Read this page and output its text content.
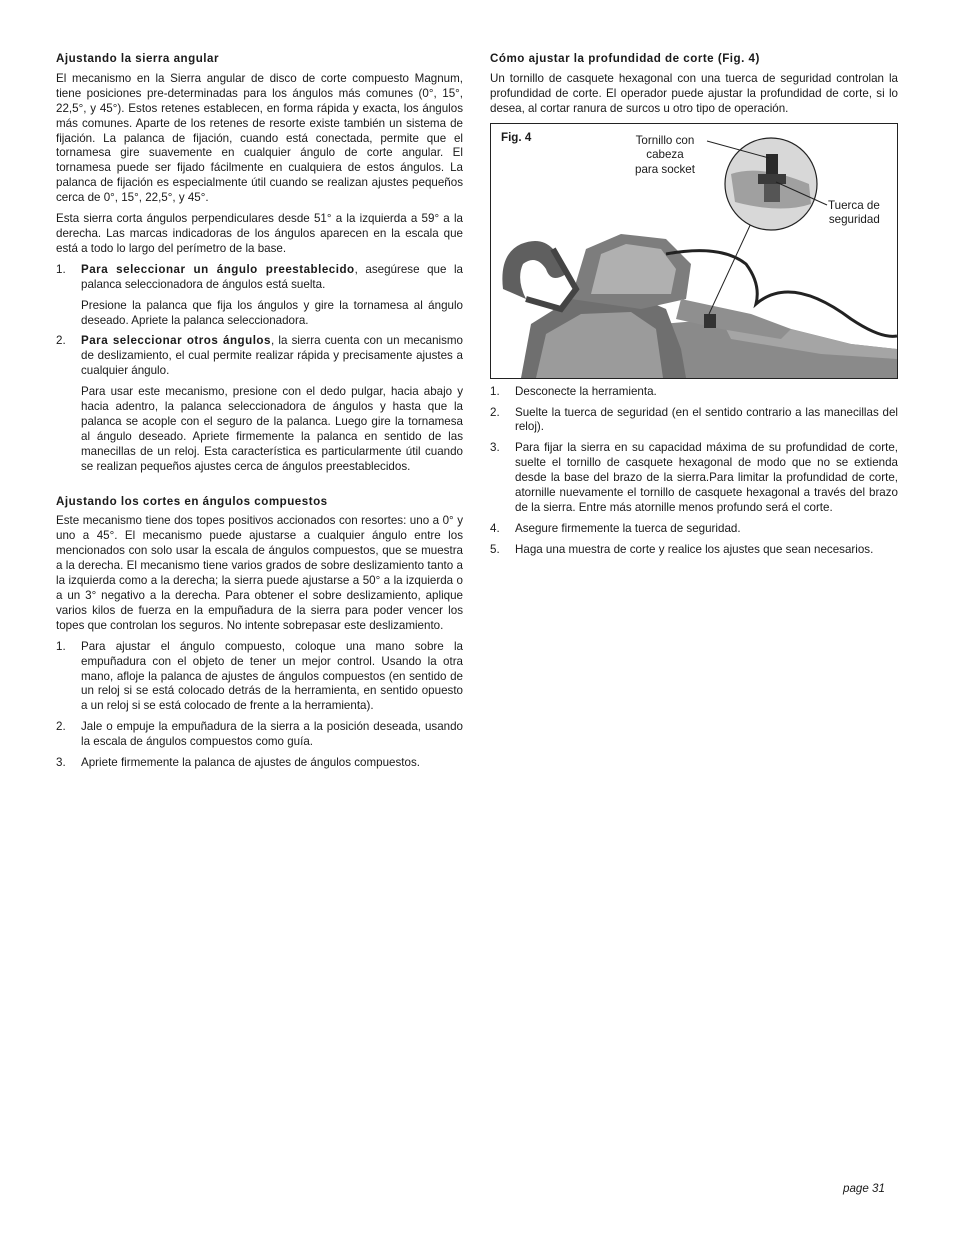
Ajustando la sierra angular

El mecanismo en la Sierra angular de disco de corte compuesto Magnum, tiene posiciones pre-determinadas para los ángulos más comunes (0°, 15°, 22,5°, y 45°). Estos retenes establecen, en forma rápida y exacta, los ángulos más comunes. Aparte de los retenes de resorte existe también un sistema de fijación. La palanca de fijación, cuando está conectada, permite que el tornamesa gire suavemente en cualquier ángulo de corte angular. El tornamesa puede ser fijado fácilmente en cualquiera de estos ángulos. La palanca de fijación es especialmente útil cuando se realizan ajustes pequeños cerca de 0°, 15°, 22,5°, y 45°.

Esta sierra corta ángulos perpendiculares desde 51° a la izquierda a 59° a la derecha. Las marcas indicadoras de los ángulos aparecen en la escala que está a todo lo largo del perímetro de la base.

1. Para seleccionar un ángulo preestablecido, asegúrese que la palanca seleccionadora de ángulos está suelta.

Presione la palanca que fija los ángulos y gire la tornamesa al ángulo deseado. Apriete la palanca seleccionadora.

2. Para seleccionar otros ángulos, la sierra cuenta con un mecanismo de deslizamiento, el cual permite realizar rápida y precisamente ajustes a cualquier ángulo.

Para usar este mecanismo, presione con el dedo pulgar, hacia abajo y hacia adentro, la palanca seleccionadora de ángulos y hasta que la palanca se acople con el seguro de la palanca. Luego gire la tornamesa al ángulo deseado. Apriete firmemente la palanca en sentido de las manecillas de un reloj. Esta característica es particularmente útil cuando se realizan pequeños ajustes cerca de ángulos preestablecidos.

Ajustando los cortes en ángulos compuestos

Este mecanismo tiene dos topes positivos accionados con resortes: uno a 0° y uno a 45°. El mecanismo puede ajustarse a cualquier ángulo entre los mencionados con solo usar la escala de ángulos compuestos, que se muestra a la derecha. El mecanismo tiene varios grados de sobre deslizamiento tanto a la izquierda como a la derecha; la sierra puede ajustarse a 50° a la izquierda o a un 3° negativo a la derecha. Para obtener el sobre deslizamiento, aplique varios kilos de fuerza en la empuñadura de la sierra para poder vencer los topes que controlan los seguros. No intente sobrepasar este deslizamiento.

1. Para ajustar el ángulo compuesto, coloque una mano sobre la empuñadura con el objeto de tener un mejor control. Usando la otra mano, afloje la palanca de ajustes de ángulos compuestos (en sentido de un reloj si se está colocado detrás de la herramienta, en sentido opuesto a un reloj si se está colocado de frente a la herramienta).
2. Jale o empuje la empuñadura de la sierra a la posición deseada, usando la escala de ángulos compuestos como guía.
3. Apriete firmemente la palanca de ajustes de ángulos compuestos.
Cómo ajustar la profundidad de corte (Fig. 4)

Un tornillo de casquete hexagonal con una tuerca de seguridad controlan la profundidad de corte. El operador puede ajustar la profundidad de corte, si lo desea, al cortar ranura de surcos u otro tipo de operación.

Fig. 4	Tornillo con
cabeza
para socket
Tuerca de
seguridad
1. Desconecte la herramienta.
2. Suelte la tuerca de seguridad (en el sentido contrario a las manecillas del reloj).
3. Para fijar la sierra en su capacidad máxima de su profundidad de corte, suelte el tornillo de casquete hexagonal de modo que no se extienda desde la base del brazo de la sierra.Para limitar la profundidad de corte, atornille nuevamente el tornillo de casquete hexagonal a través del brazo de la sierra. Entre más atornille menos profundo será el corte.
4. Asegure firmemente la tuerca de seguridad.
5. Haga una muestra de corte y realice los ajustes que sean necesarios.
page 31
